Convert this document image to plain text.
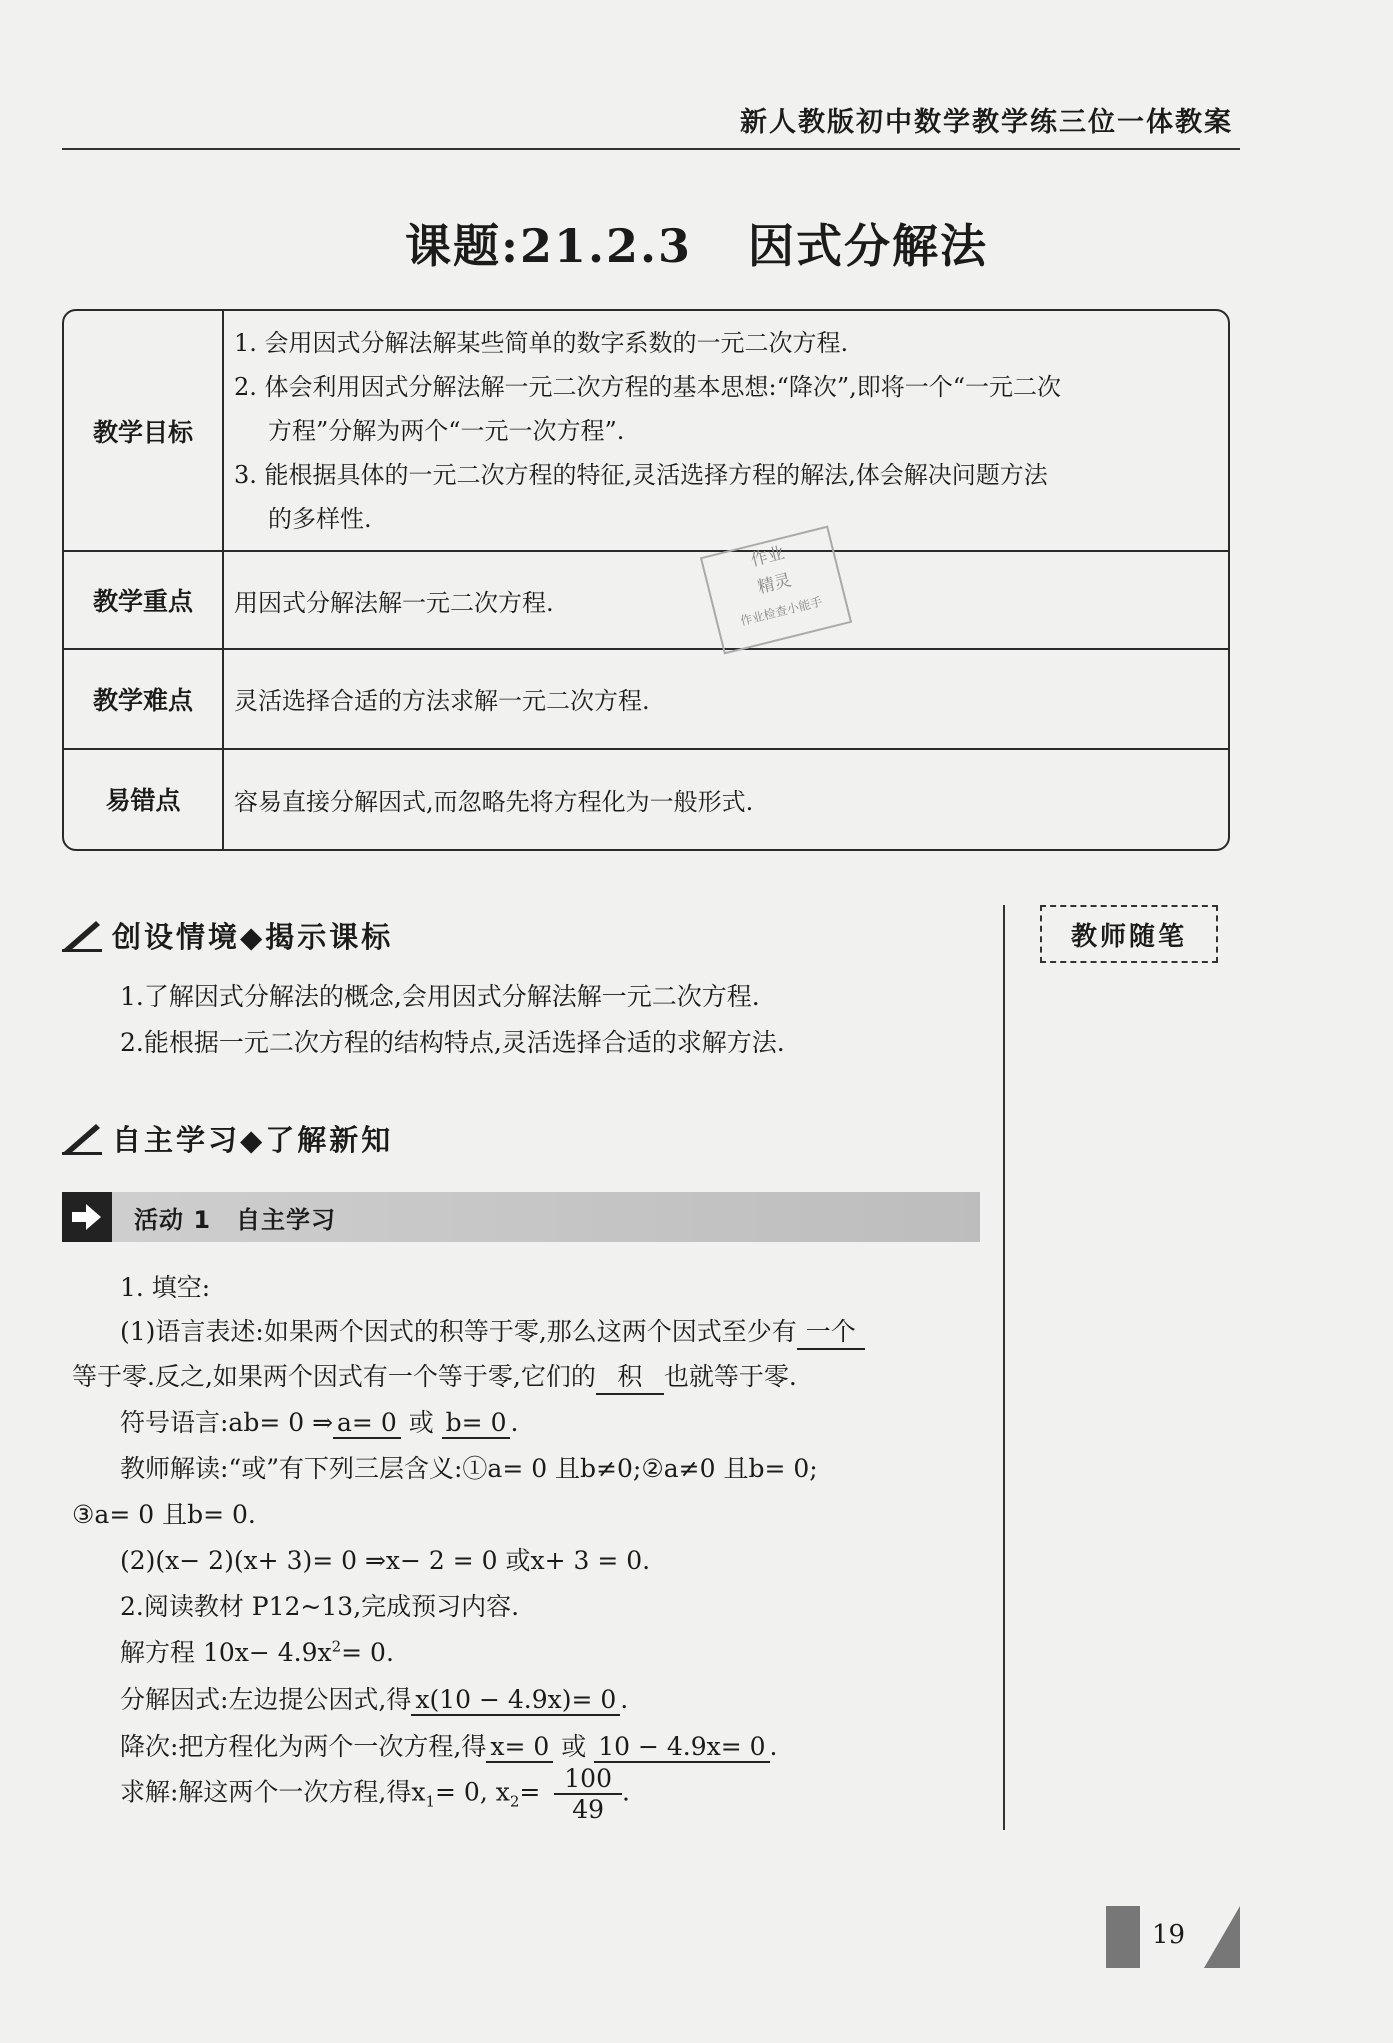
新人教版初中数学教学练三位一体教案
课题:21.2.3 因式分解法
教学目标	1. 会用因式分解法解某些简单的数字系数的一元二次方程.
2. 体会利用因式分解法解一元二次方程的基本思想:“降次”,即将一个“一元二次
方程”分解为两个“一元一次方程”.
3. 能根据具体的一元二次方程的特征,灵活选择方程的解法,体会解决问题方法
的多样性.

教学重点	用因式分解法解一元二次方程.
教学难点	灵活选择合适的方法求解一元二次方程.
易错点	容易直接分解因式,而忽略先将方程化为一般形式.
作业
精灵
作业检查小能手
创设情境◆揭示课标
1.了解因式分解法的概念,会用因式分解法解一元二次方程.
2.能根据一元二次方程的结构特点,灵活选择合适的求解方法.
教师随笔
自主学习◆了解新知
活动 1　自主学习
1. 填空:
(1)语言表述:如果两个因式的积等于零,那么这两个因式至少有 一个
等于零.反之,如果两个因式有一个等于零,它们的 积 也就等于零.
符号语言:ab= 0 ⇒ a= 0 或 b= 0 .
教师解读:“或”有下列三层含义:①a= 0 且b≠0;②a≠0 且b= 0;
③a= 0 且b= 0.
(2)(x− 2)(x+ 3)= 0 ⇒x− 2 = 0 或x+ 3 = 0.
2.阅读教材 P12~13,完成预习内容.
解方程 $10x- 4.9x^2= 0$.
分解因式:左边提公因式,得 x(10 − 4.9x)= 0 .
降次:把方程化为两个一次方程,得 x= 0 或 10 − 4.9x= 0 .
求解:解这两个一次方程,得$x_1= 0$, $x_2= \frac{100}{49}$ .
19
